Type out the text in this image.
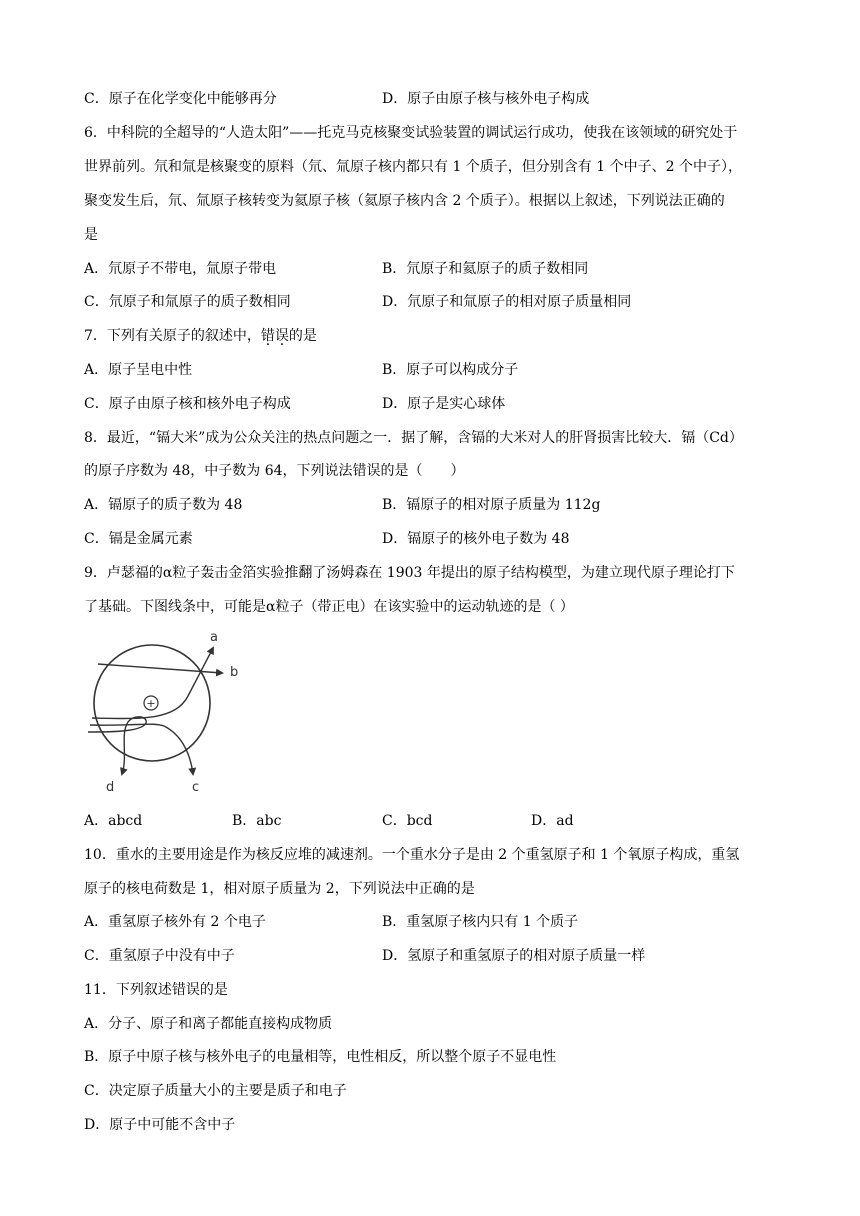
C．原子在化学变化中能够再分	D．原子由原子核与核外电子构成
6．中科院的全超导的“人造太阳”——托克马克核聚变试验装置的调试运行成功，使我在该领域的研究处于
世界前列。氘和氚是核聚变的原料（氘、氚原子核内都只有 1 个质子，但分别含有 1 个中子、2 个中子），
聚变发生后，氘、氚原子核转变为氦原子核（氦原子核内含 2 个质子）。根据以上叙述，下列说法正确的
是
A．氘原子不带电，氚原子带电	B．氘原子和氦原子的质子数相同
C．氘原子和氚原子的质子数相同	D．氘原子和氚原子的相对原子质量相同
7．下列有关原子的叙述中，错误的是
A．原子呈电中性	B．原子可以构成分子
C．原子由原子核和核外电子构成	D．原子是实心球体
8．最近，“镉大米”成为公众关注的热点问题之一．据了解，含镉的大米对人的肝肾损害比较大．镉（Cd）
的原子序数为 48，中子数为 64，下列说法错误的是（　　）
A．镉原子的质子数为 48	B．镉原子的相对原子质量为 112g
C．镉是金属元素	D．镉原子的核外电子数为 48
9．卢瑟福的α粒子轰击金箔实验推翻了汤姆森在 1903 年提出的原子结构模型，为建立现代原子理论打下
了基础。下图线条中，可能是α粒子（带正电）在该实验中的运动轨迹的是（ ）
+
a
b
c
d
A．abcd	B．abc	C．bcd	D．ad
10．重水的主要用途是作为核反应堆的减速剂。一个重水分子是由 2 个重氢原子和 1 个氧原子构成，重氢
原子的核电荷数是 1，相对原子质量为 2，下列说法中正确的是
A．重氢原子核外有 2 个电子	B．重氢原子核内只有 1 个质子
C．重氢原子中没有中子	D．氢原子和重氢原子的相对原子质量一样
11．下列叙述错误的是
A．分子、原子和离子都能直接构成物质
B．原子中原子核与核外电子的电量相等，电性相反，所以整个原子不显电性
C．决定原子质量大小的主要是质子和电子
D．原子中可能不含中子
